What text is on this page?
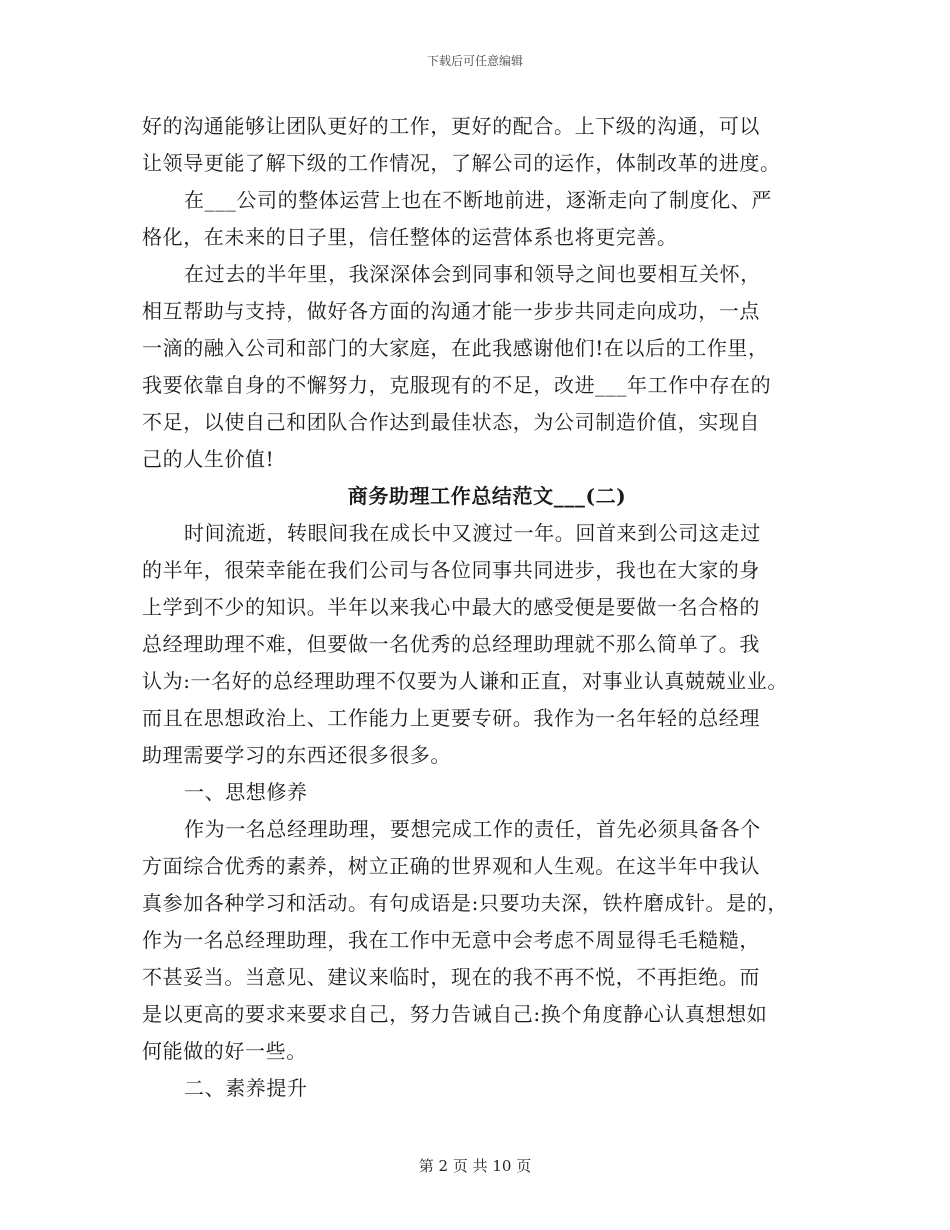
下载后可任意编辑
好的沟通能够让团队更好的工作，更好的配合。上下级的沟通，可以
让领导更能了解下级的工作情况，了解公司的运作，体制改革的进度。
在___公司的整体运营上也在不断地前进，逐渐走向了制度化、严
格化，在未来的日子里，信任整体的运营体系也将更完善。
在过去的半年里，我深深体会到同事和领导之间也要相互关怀，
相互帮助与支持，做好各方面的沟通才能一步步共同走向成功，一点
一滴的融入公司和部门的大家庭，在此我感谢他们!在以后的工作里，
我要依靠自身的不懈努力，克服现有的不足，改进___年工作中存在的
不足，以使自己和团队合作达到最佳状态，为公司制造价值，实现自
己的人生价值!
商务助理工作总结范文___(二)
时间流逝，转眼间我在成长中又渡过一年。回首来到公司这走过
的半年，很荣幸能在我们公司与各位同事共同进步，我也在大家的身
上学到不少的知识。半年以来我心中最大的感受便是要做一名合格的
总经理助理不难，但要做一名优秀的总经理助理就不那么简单了。我
认为:一名好的总经理助理不仅要为人谦和正直，对事业认真兢兢业业。
而且在思想政治上、工作能力上更要专研。我作为一名年轻的总经理
助理需要学习的东西还很多很多。
一、思想修养
作为一名总经理助理，要想完成工作的责任，首先必须具备各个
方面综合优秀的素养，树立正确的世界观和人生观。在这半年中我认
真参加各种学习和活动。有句成语是:只要功夫深，铁杵磨成针。是的，
作为一名总经理助理，我在工作中无意中会考虑不周显得毛毛糙糙，
不甚妥当。当意见、建议来临时，现在的我不再不悦，不再拒绝。而
是以更高的要求来要求自己，努力告诫自己:换个角度静心认真想想如
何能做的好一些。
二、素养提升
第 2 页 共 10 页
